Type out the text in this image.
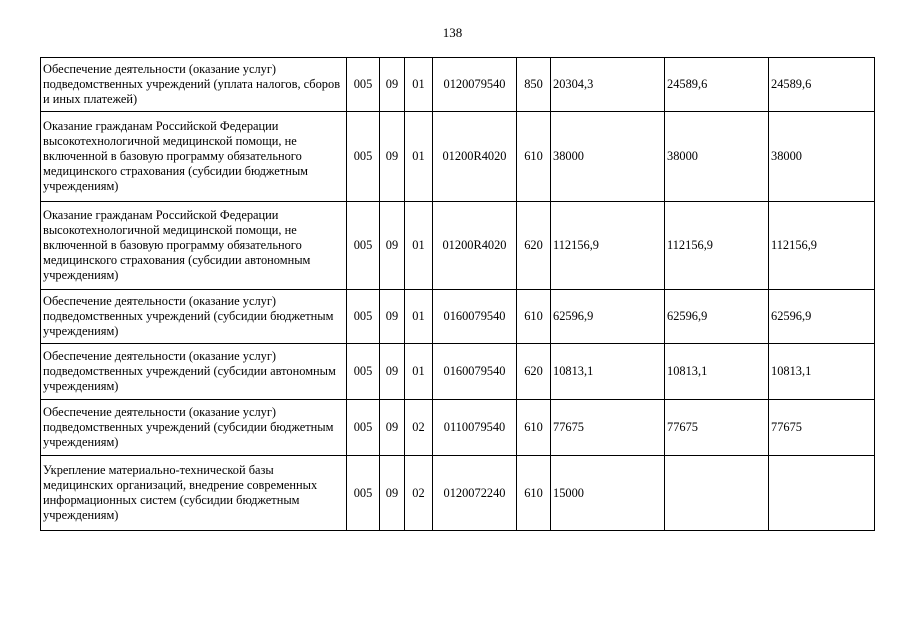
138
Обеспечение деятельности (оказание услуг) подведомственных учреждений (уплата налогов, сборов и иных платежей)	005	09	01	0120079540	850	20304,3	24589,6	24589,6
Оказание гражданам Российской Федерации высокотехнологичной медицинской помощи, не включенной в базовую программу обязательного медицинского страхования (субсидии бюджетным учреждениям)	005	09	01	01200R4020	610	38000	38000	38000
Оказание гражданам Российской Федерации высокотехнологичной медицинской помощи, не включенной в базовую программу обязательного медицинского страхования (субсидии автономным учреждениям)	005	09	01	01200R4020	620	112156,9	112156,9	112156,9
Обеспечение деятельности (оказание услуг) подведомственных учреждений (субсидии бюджетным учреждениям)	005	09	01	0160079540	610	62596,9	62596,9	62596,9
Обеспечение деятельности (оказание услуг) подведомственных учреждений (субсидии автономным учреждениям)	005	09	01	0160079540	620	10813,1	10813,1	10813,1
Обеспечение деятельности (оказание услуг) подведомственных учреждений (субсидии бюджетным учреждениям)	005	09	02	0110079540	610	77675	77675	77675
Укрепление материально-технической базы медицинских организаций, внедрение современных информационных систем (субсидии бюджетным учреждениям)	005	09	02	0120072240	610	15000		
